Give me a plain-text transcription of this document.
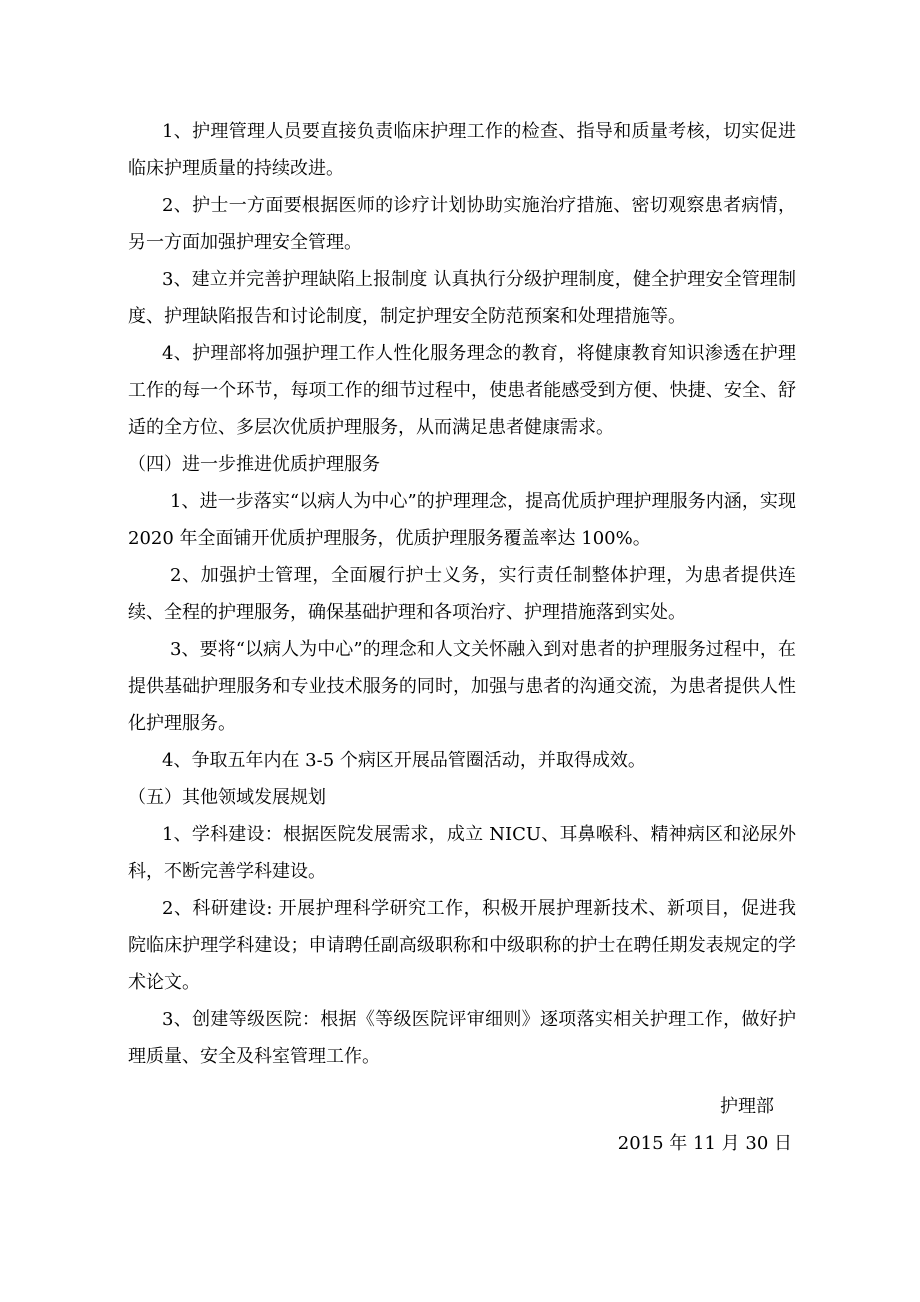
1、护理管理人员要直接负责临床护理工作的检查、指导和质量考核，切实促进临床护理质量的持续改进。

2、护士一方面要根据医师的诊疗计划协助实施治疗措施、密切观察患者病情，另一方面加强护理安全管理。

3、建立并完善护理缺陷上报制度 认真执行分级护理制度，健全护理安全管理制度、护理缺陷报告和讨论制度，制定护理安全防范预案和处理措施等。

4、护理部将加强护理工作人性化服务理念的教育，将健康教育知识渗透在护理工作的每一个环节，每项工作的细节过程中，使患者能感受到方便、快捷、安全、舒适的全方位、多层次优质护理服务，从而满足患者健康需求。

（四）进一步推进优质护理服务

1、进一步落实“以病人为中心”的护理理念，提高优质护理护理服务内涵，实现 2020 年全面铺开优质护理服务，优质护理服务覆盖率达 100%。

2、加强护士管理，全面履行护士义务，实行责任制整体护理，为患者提供连续、全程的护理服务，确保基础护理和各项治疗、护理措施落到实处。

3、要将“以病人为中心”的理念和人文关怀融入到对患者的护理服务过程中，在提供基础护理服务和专业技术服务的同时，加强与患者的沟通交流，为患者提供人性化护理服务。

4、争取五年内在 3-5 个病区开展品管圈活动，并取得成效。

（五）其他领域发展规划

1、学科建设：根据医院发展需求，成立 NICU、耳鼻喉科、精神病区和泌尿外科，不断完善学科建设。

2、科研建设: 开展护理科学研究工作，积极开展护理新技术、新项目，促进我院临床护理学科建设；申请聘任副高级职称和中级职称的护士在聘任期发表规定的学术论文。

3、创建等级医院：根据《等级医院评审细则》逐项落实相关护理工作，做好护理质量、安全及科室管理工作。

护理部
2015 年 11 月 30 日
